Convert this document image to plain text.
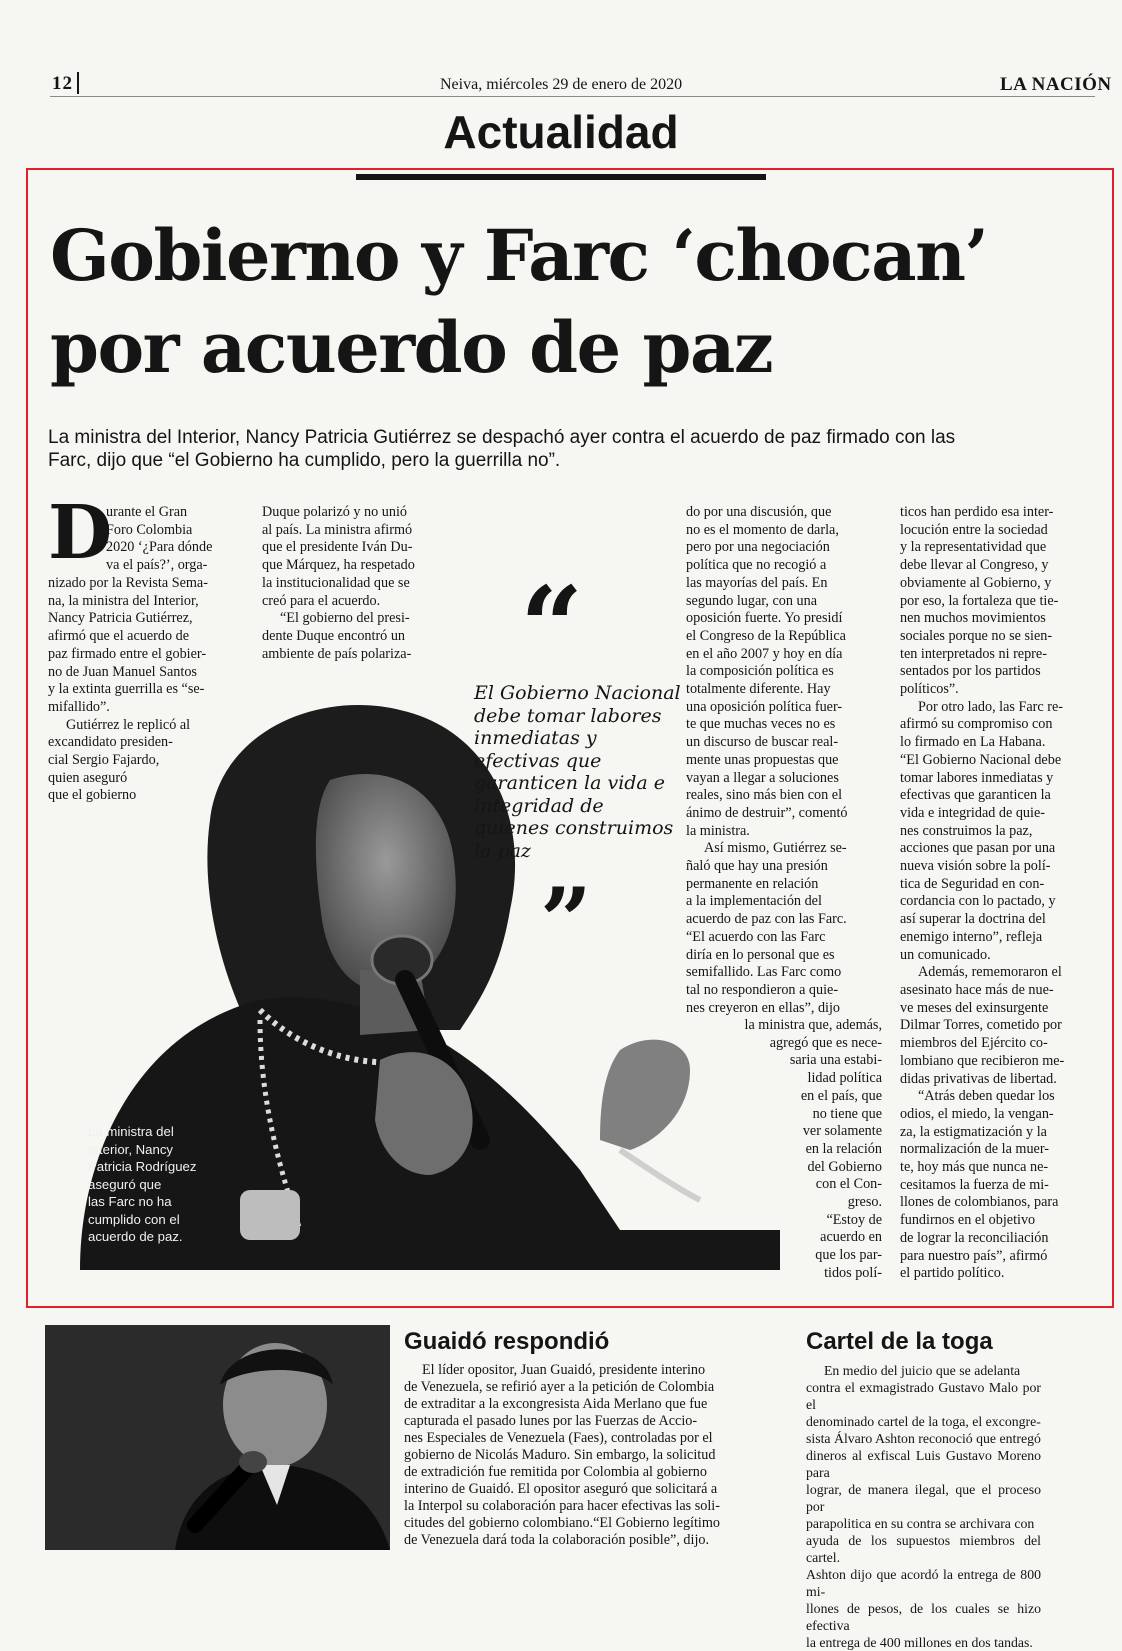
12	Neiva, miércoles 29 de enero de 2020	LA NACIÓN
Actualidad
Gobierno y Farc ‘chocan’
por acuerdo de paz

La ministra del Interior, Nancy Patricia Gutiérrez se despachó ayer contra el acuerdo de paz firmado con las
Farc, dijo que “el Gobierno ha cumplido, pero la guerrilla no”.

La ministra del
Interior, Nancy
Patricia Rodríguez
aseguró que
las Farc no ha
cumplido con el
acuerdo de paz.

“

El Gobierno Nacional debe tomar labores inmediatas y efectivas que garanticen la vida e integridad de quienes construimos la paz

”
D

urante el Gran
Foro Colombia
2020 ‘¿Para dónde
va el país?’, orga-

nizado por la Revista Sema-
na, la ministra del Interior,
Nancy Patricia Gutiérrez,
afirmó que el acuerdo de
paz firmado entre el gobier-
no de Juan Manuel Santos
y la extinta guerrilla es “se-
mifallido”.

Gutiérrez le replicó al
excandidato presiden-
cial Sergio Fajardo,
quien aseguró
que el gobierno

Duque polarizó y no unió
al país. La ministra afirmó
que el presidente Iván Du-
que Márquez, ha respetado
la institucionalidad que se
creó para el acuerdo.
“El gobierno del presi-
dente Duque encontró un
ambiente de país polariza-

do por una discusión, que
no es el momento de darla,
pero por una negociación
política que no recogió a
las mayorías del país. En
segundo lugar, con una
oposición fuerte. Yo presidí
el Congreso de la República
en el año 2007 y hoy en día
la composición política es
totalmente diferente. Hay
una oposición política fuer-
te que muchas veces no es
un discurso de buscar real-
mente unas propuestas que
vayan a llegar a soluciones
reales, sino más bien con el
ánimo de destruir”, comentó
la ministra.
Así mismo, Gutiérrez se-
ñaló que hay una presión
permanente en relación
a la implementación del
acuerdo de paz con las Farc.
“El acuerdo con las Farc
diría en lo personal que es
semifallido. Las Farc como
tal no respondieron a quie-
nes creyeron en ellas”, dijo

la ministra que, además,
agregó que es nece-
saria una estabi-
lidad política
en el país, que
no tiene que
ver solamente
en la relación
del Gobierno
con el Con-
greso.
“Estoy de
acuerdo en
que los par-
tidos polí-

ticos han perdido esa inter-
locución entre la sociedad
y la representatividad que
debe llevar al Congreso, y
obviamente al Gobierno, y
por eso, la fortaleza que tie-
nen muchos movimientos
sociales porque no se sien-
ten interpretados ni repre-
sentados por los partidos
políticos”.
Por otro lado, las Farc re-
afirmó su compromiso con
lo firmado en La Habana.
“El Gobierno Nacional debe
tomar labores inmediatas y
efectivas que garanticen la
vida e integridad de quie-
nes construimos la paz,
acciones que pasan por una
nueva visión sobre la polí-
tica de Seguridad en con-
cordancia con lo pactado, y
así superar la doctrina del
enemigo interno”, refleja
un comunicado.
Además, rememoraron el
asesinato hace más de nue-
ve meses del exinsurgente
Dilmar Torres, cometido por
miembros del Ejército co-
lombiano que recibieron me-
didas privativas de libertad.
“Atrás deben quedar los
odios, el miedo, la vengan-
za, la estigmatización y la
normalización de la muer-
te, hoy más que nunca ne-
cesitamos la fuerza de mi-
llones de colombianos, para
fundirnos en el objetivo
de lograr la reconciliación
para nuestro país”, afirmó
el partido político.

Guaidó respondió

El líder opositor, Juan Guaidó, presidente interino
de Venezuela, se refirió ayer a la petición de Colombia
de extraditar a la excongresista Aida Merlano que fue
capturada el pasado lunes por las Fuerzas de Accio-
nes Especiales de Venezuela (Faes), controladas por el
gobierno de Nicolás Maduro. Sin embargo, la solicitud
de extradición fue remitida por Colombia al gobierno
interino de Guaidó. El opositor aseguró que solicitará a
la Interpol su colaboración para hacer efectivas las soli-
citudes del gobierno colombiano.“El Gobierno legítimo
de Venezuela dará toda la colaboración posible”, dijo.

Cartel de la toga

En medio del juicio que se adelanta
contra el exmagistrado Gustavo Malo por el
denominado cartel de la toga, el excongre-
sista Álvaro Ashton reconoció que entregó
dineros al exfiscal Luis Gustavo Moreno para
lograr, de manera ilegal, que el proceso por
parapolitica en su contra se archivara con
ayuda de los supuestos miembros del cartel.
Ashton dijo que acordó la entrega de 800 mi-
llones de pesos, de los cuales se hizo efectiva
la entrega de 400 millones en dos tandas.
